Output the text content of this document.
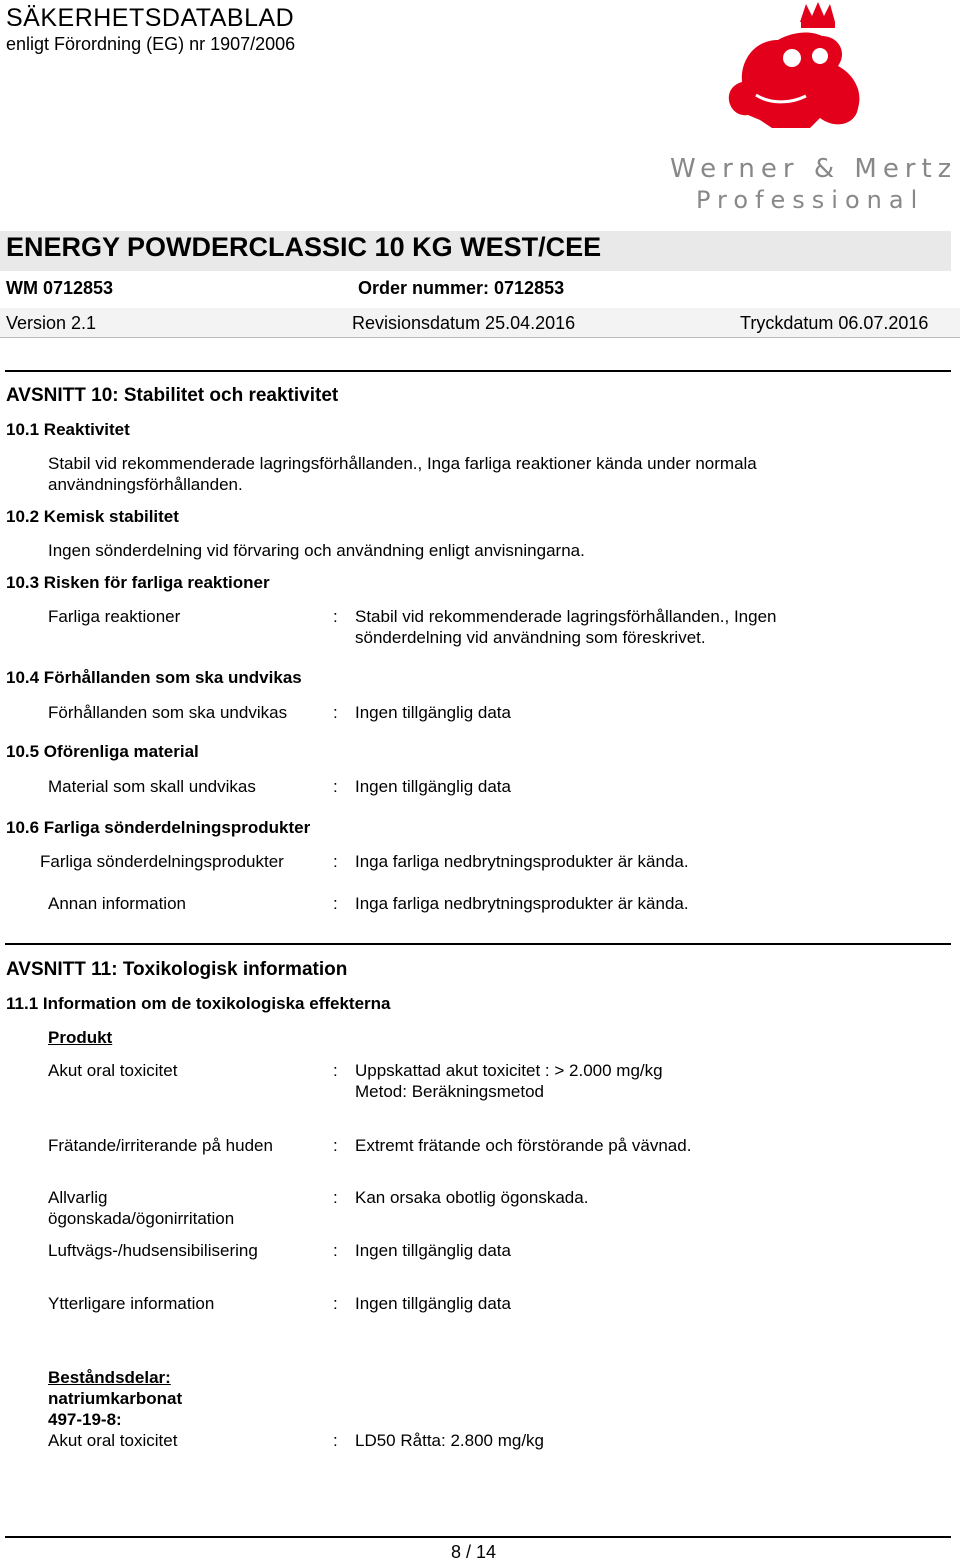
SÄKERHETSDATABLAD
enligt Förordning (EG) nr 1907/2006
Werner & Mertz
Professional
ENERGY POWDERCLASSIC 10 KG WEST/CEE
WM 0712853	Order nummer: 0712853
Version 2.1	Revisionsdatum 25.04.2016	Tryckdatum 06.07.2016
AVSNITT 10: Stabilitet och reaktivitet
10.1 Reaktivitet
Stabil vid rekommenderade lagringsförhållanden., Inga farliga reaktioner kända under normala
användningsförhållanden.
10.2 Kemisk stabilitet
Ingen sönderdelning vid förvaring och användning enligt anvisningarna.
10.3 Risken för farliga reaktioner
Farliga reaktioner	: Stabil vid rekommenderade lagringsförhållanden., Ingen
sönderdelning vid användning som föreskrivet.
10.4 Förhållanden som ska undvikas
Förhållanden som ska undvikas	: Ingen tillgänglig data
10.5 Oförenliga material
Material som skall undvikas	: Ingen tillgänglig data
10.6 Farliga sönderdelningsprodukter
Farliga sönderdelningsprodukter	: Inga farliga nedbrytningsprodukter är kända.
Annan information	: Inga farliga nedbrytningsprodukter är kända.
AVSNITT 11: Toxikologisk information
11.1 Information om de toxikologiska effekterna
Produkt
Akut oral toxicitet	: Uppskattad akut toxicitet : > 2.000 mg/kg
Metod: Beräkningsmetod
Frätande/irriterande på huden	: Extremt frätande och förstörande på vävnad.
Allvarlig
ögonskada/ögonirritation
: Kan orsaka obotlig ögonskada.
Luftvägs-/hudsensibilisering	: Ingen tillgänglig data
Ytterligare information	: Ingen tillgänglig data
Beståndsdelar:
natriumkarbonat
497-19-8:
Akut oral toxicitet	: LD50 Råtta: 2.800 mg/kg
8 / 14
